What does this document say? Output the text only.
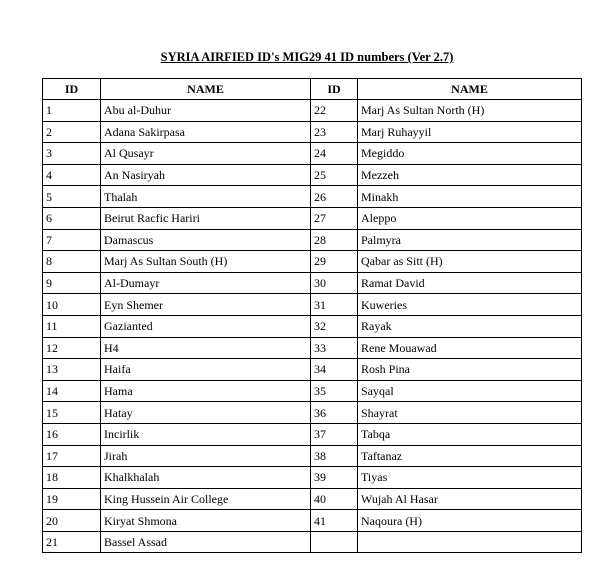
SYRIA AIRFIED ID's MIG29 41 ID numbers (Ver 2.7)
ID	NAME	ID	NAME
1	Abu al-Duhur	22	Marj As Sultan North (H)
2	Adana Sakirpasa	23	Marj Ruhayyil
3	Al Qusayr	24	Megiddo
4	An Nasiryah	25	Mezzeh
5	Thalah	26	Minakh
6	Beirut Racfic Hariri	27	Aleppo
7	Damascus	28	Palmyra
8	Marj As Sultan South (H)	29	Qabar as Sitt (H)
9	Al-Dumayr	30	Ramat David
10	Eyn Shemer	31	Kuweries
11	Gazianted	32	Rayak
12	H4	33	Rene Mouawad
13	Haifa	34	Rosh Pina
14	Hama	35	Sayqal
15	Hatay	36	Shayrat
16	Incirlik	37	Tabqa
17	Jirah	38	Taftanaz
18	Khalkhalah	39	Tiyas
19	King Hussein Air College	40	Wujah Al Hasar
20	Kiryat Shmona	41	Naqoura (H)
21	Bassel Assad		
